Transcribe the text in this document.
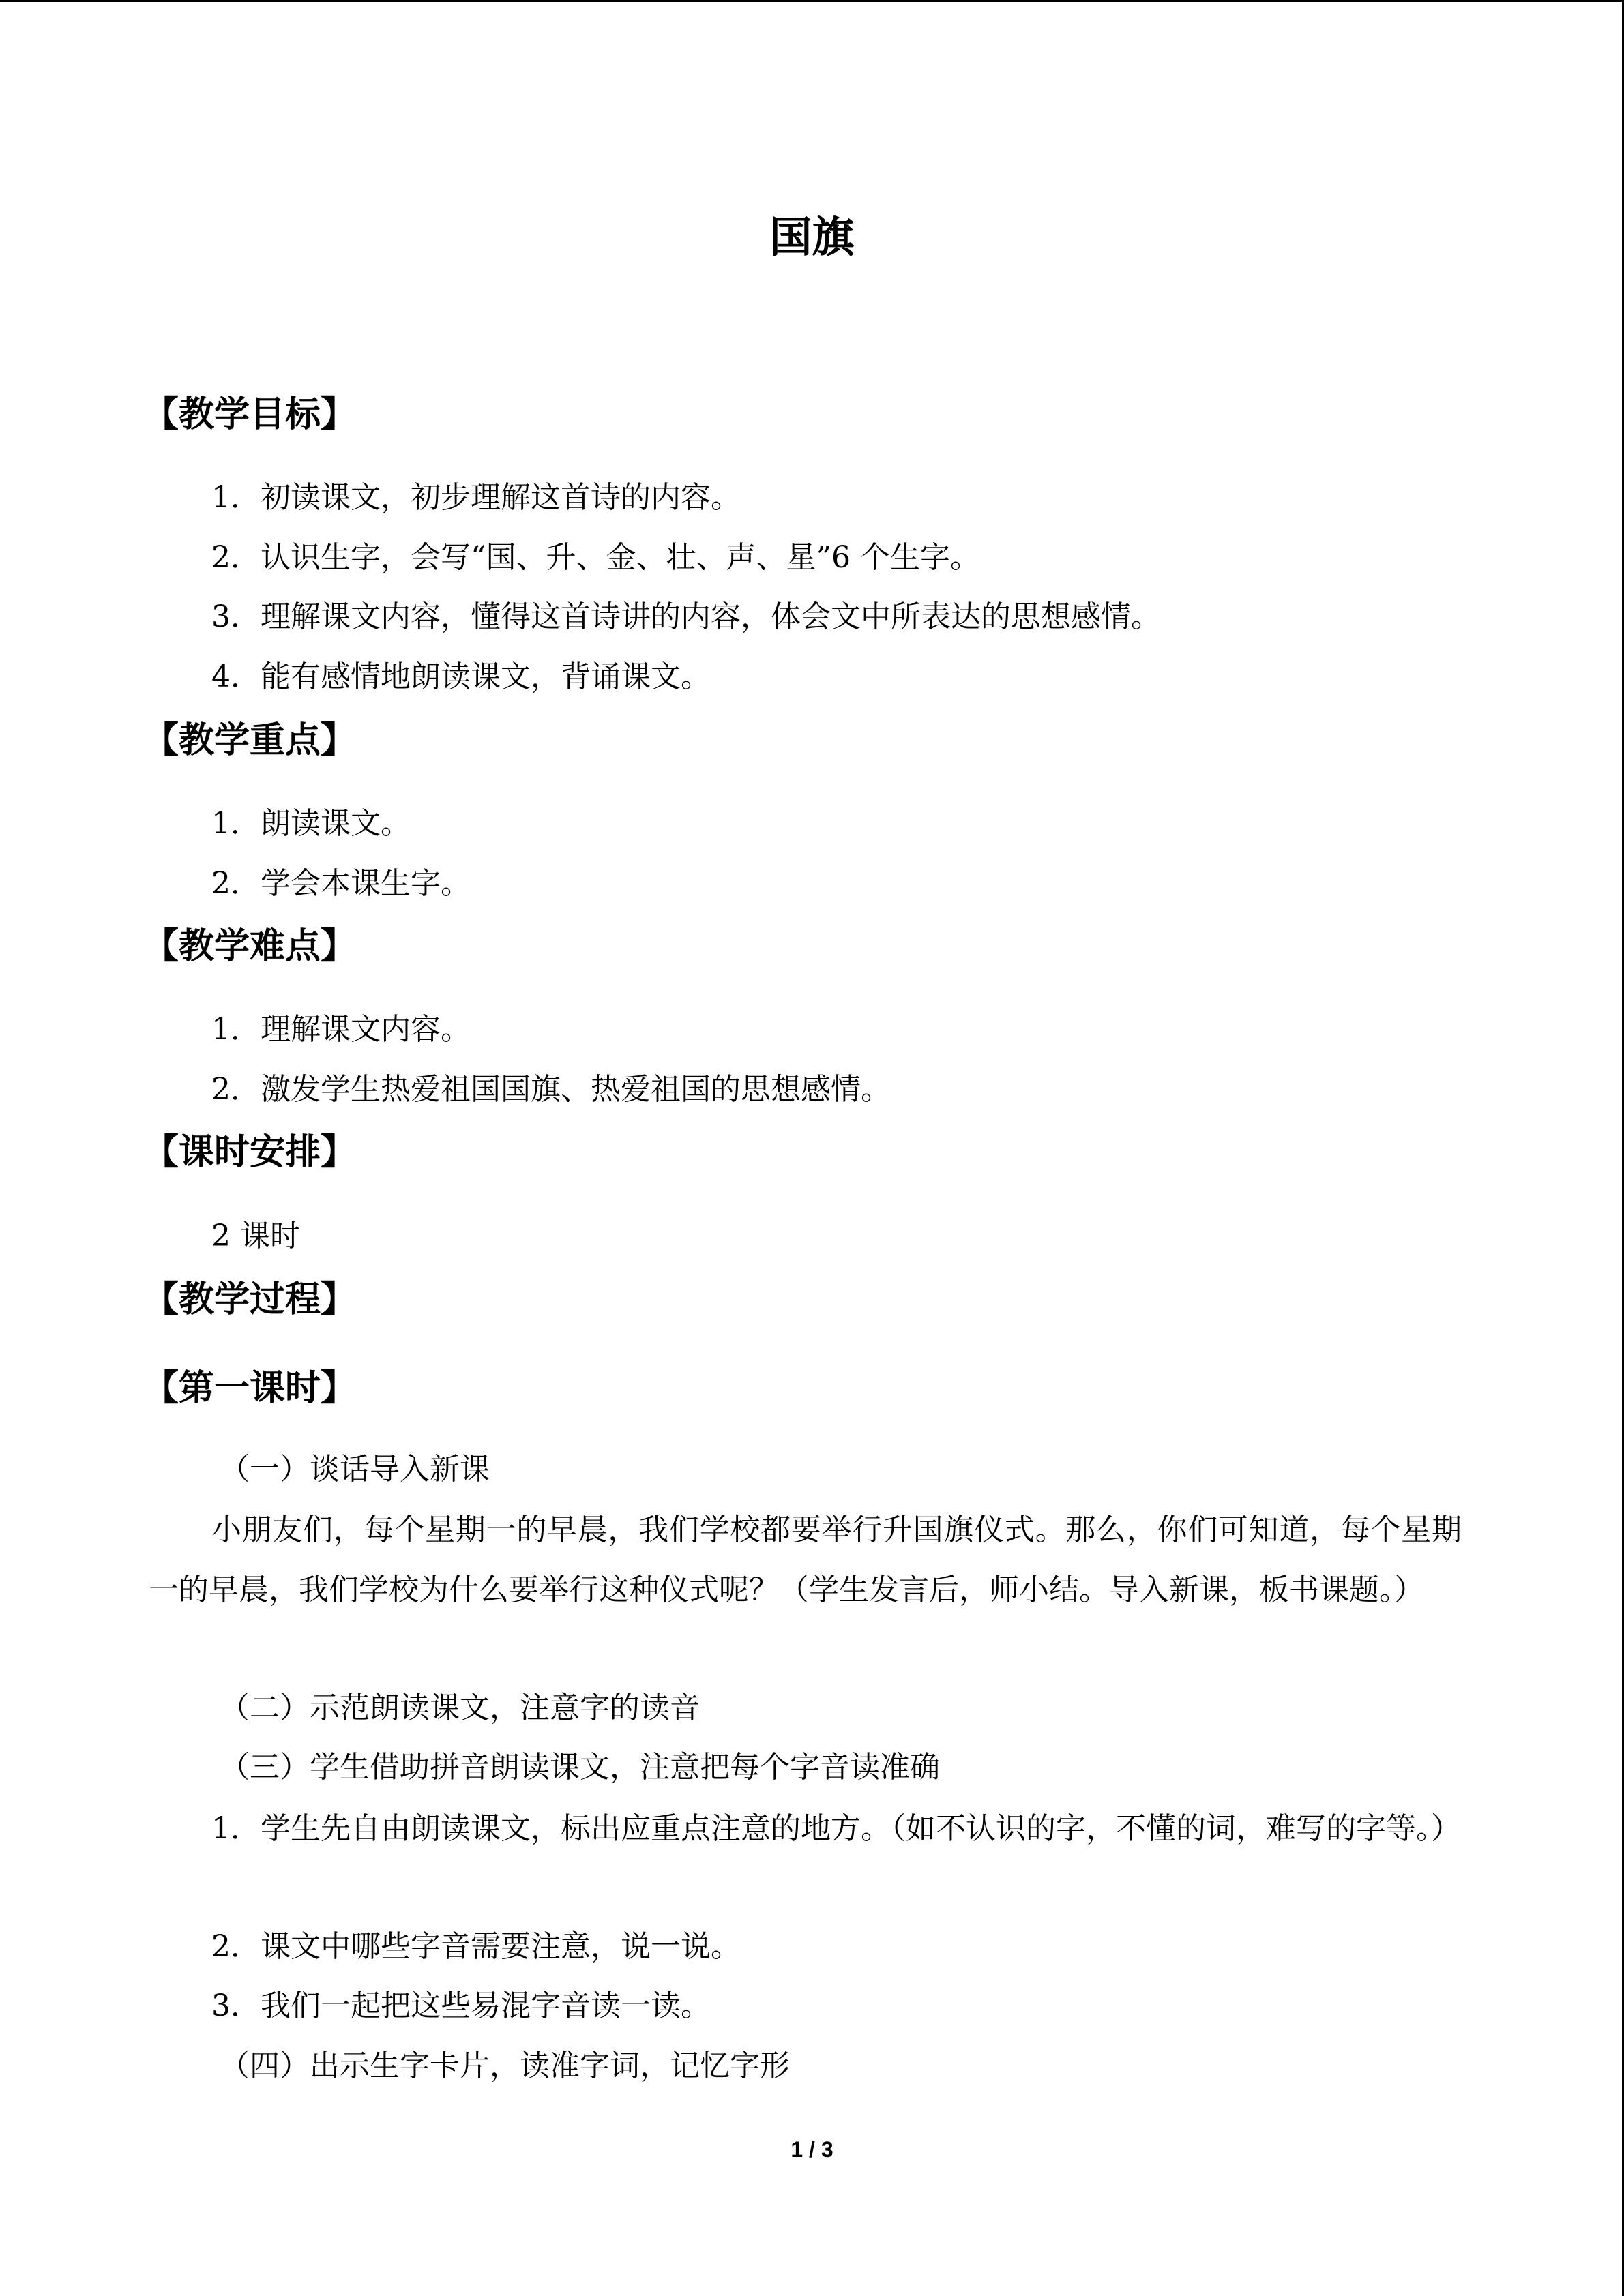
国旗
【教学目标】
1．初读课文，初步理解这首诗的内容。
2．认识生字，会写“国、升、金、壮、声、星”6 个生字。
3．理解课文内容，懂得这首诗讲的内容，体会文中所表达的思想感情。
4．能有感情地朗读课文，背诵课文。
【教学重点】
1．朗读课文。
2．学会本课生字。
【教学难点】
1．理解课文内容。
2．激发学生热爱祖国国旗、热爱祖国的思想感情。
【课时安排】
2 课时
【教学过程】
【第一课时】
（一）谈话导入新课
小朋友们，每个星期一的早晨，我们学校都要举行升国旗仪式。那么，你们可知道，每个星期一的早晨，我们学校为什么要举行这种仪式呢？（学生发言后，师小结。导入新课，板书课题。）
（二）示范朗读课文，注意字的读音
（三）学生借助拼音朗读课文，注意把每个字音读准确
1．学生先自由朗读课文，标出应重点注意的地方。（如不认识的字，不懂的词，难写的字等。）
2．课文中哪些字音需要注意，说一说。
3．我们一起把这些易混字音读一读。
（四）出示生字卡片，读准字词，记忆字形
1 / 3
